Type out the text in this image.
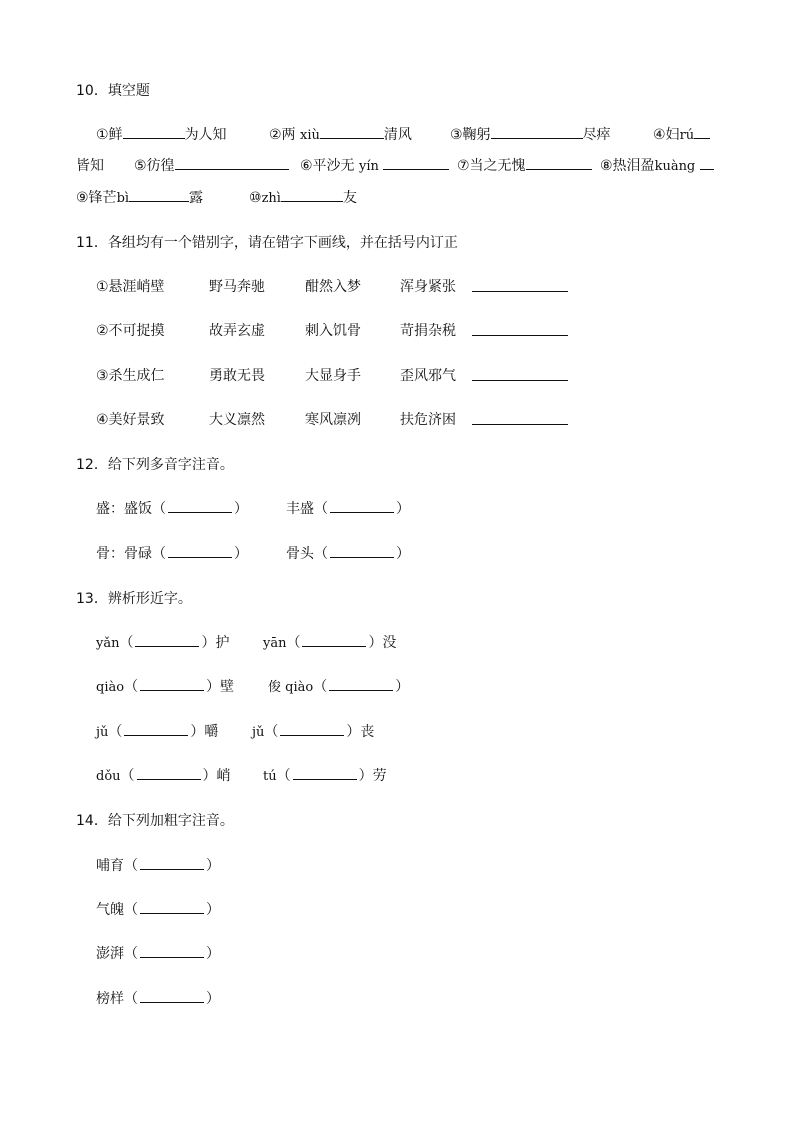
10．填空题
①鲜	为人知	②两 xiù	清风	③鞠躬	尽瘁	④妇rú
皆知 ⑤彷徨	⑥平沙无 yín	⑦当之无愧	⑧热泪盈kuàng
⑨锋芒bì	露	⑩zhì	友
11．各组均有一个错别字，请在错字下画线，并在括号内订正
①悬涯峭壁	野马奔驰	酣然入梦	浑身紧张
②不可捉摸	故弄玄虚	刺入饥骨	苛捐杂税
③杀生成仁	勇敢无畏	大显身手	歪风邪气
④美好景致	大义凛然	寒风凛冽	扶危济困
12．给下列多音字注音。
盛：盛饭（	）	丰盛（	）
骨：骨碌（	）	骨头（	）
13．辨析形近字。
yǎn（	）护	yān（	）没
qiào（	）壁	俊 qiào（	）
jǔ（	）嚼	jǔ（	）丧
dǒu（	）峭 tú（	）劳
14．给下列加粗字注音。
哺育（	）
气魄（	）
澎湃（	）
榜样（	）
